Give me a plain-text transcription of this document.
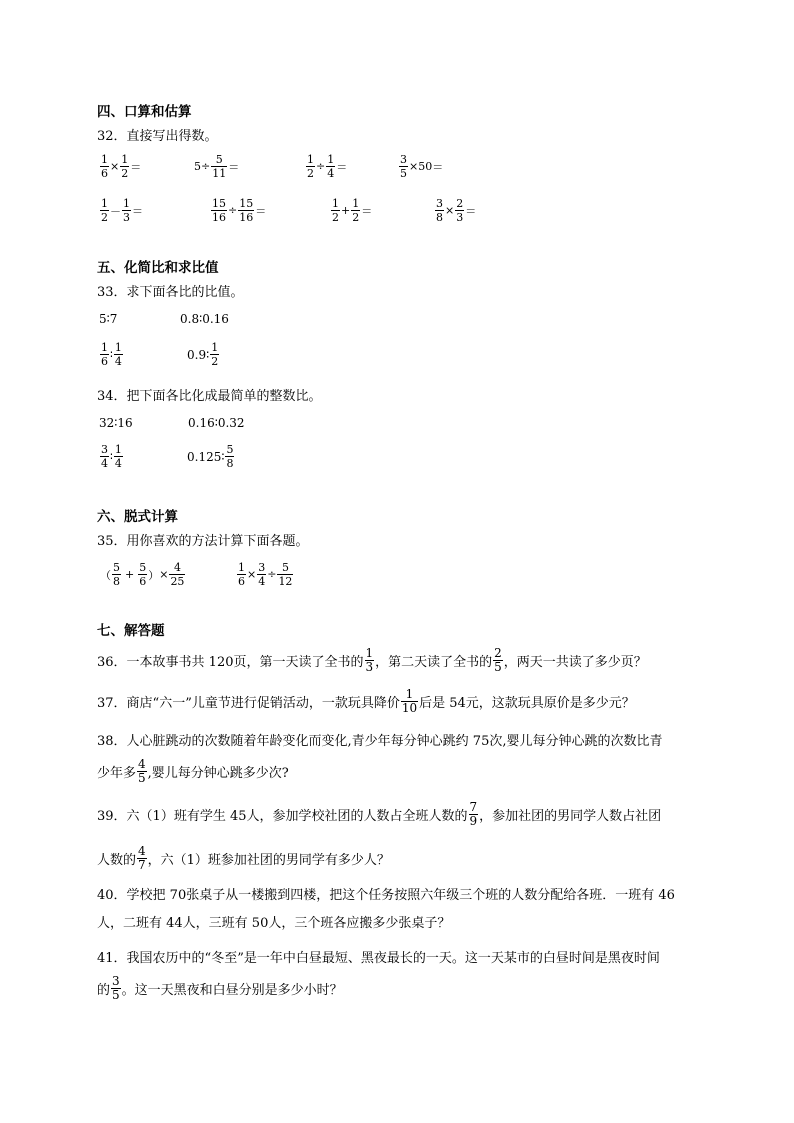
四、口算和估算
32．直接写出得数。
$\frac{1}{6} \times \frac{1}{2}$ ＝	$5 \div \frac{5}{11}$ ＝	$\frac{1}{2} \div \frac{1}{4}$ ＝	$\frac{3}{5} \times 50$ ＝
$\frac{1}{2} - \frac{1}{3}$ ＝	$\frac{15}{16} \div \frac{15}{16}$ ＝	$\frac{1}{2} + \frac{1}{2}$ ＝	$\frac{3}{8} \times \frac{2}{3}$ ＝
五、化简比和求比值
33．求下面各比的比值。
5∶7	0.8∶0.16
$\frac{1}{6}$ ∶ $\frac{1}{4}$	0.9∶ $\frac{1}{2}$
34．把下面各比化成最简单的整数比。
32∶16	0.16∶0.32
$\frac{3}{4}$ ∶ $\frac{1}{4}$	0.125∶ $\frac{5}{8}$
六、脱式计算
35．用你喜欢的方法计算下面各题。
（ $\frac{5}{8} + \frac{5}{6}$ ） × $\frac{4}{25}$	$\frac{1}{6} \times \frac{3}{4} \div \frac{5}{12}$
七、解答题
36．一本故事书共 120页，第一天读了全书的 $\frac{1}{3}$ ，第二天读了全书的 $\frac{2}{5}$ ，两天一共读了多少页？
37．商店“六一”儿童节进行促销活动，一款玩具降价 $\frac{1}{10}$ 后是 54元，这款玩具原价是多少元？
38．人心脏跳动的次数随着年龄变化而变化,青少年每分钟心跳约 75次,婴儿每分钟心跳的次数比青
少年多 $\frac{4}{5}$ ,婴儿每分钟心跳多少次?
39．六（1）班有学生 45人，参加学校社团的人数占全班人数的 $\frac{7}{9}$ ，参加社团的男同学人数占社团
人数的 $\frac{4}{7}$ ，六（1）班参加社团的男同学有多少人？
40．学校把 70张桌子从一楼搬到四楼，把这个任务按照六年级三个班的人数分配给各班．一班有 46
人，二班有 44人，三班有 50人，三个班各应搬多少张桌子？
41．我国农历中的“冬至”是一年中白昼最短、黑夜最长的一天。这一天某市的白昼时间是黑夜时间
的 $\frac{3}{5}$ 。这一天黑夜和白昼分别是多少小时？
